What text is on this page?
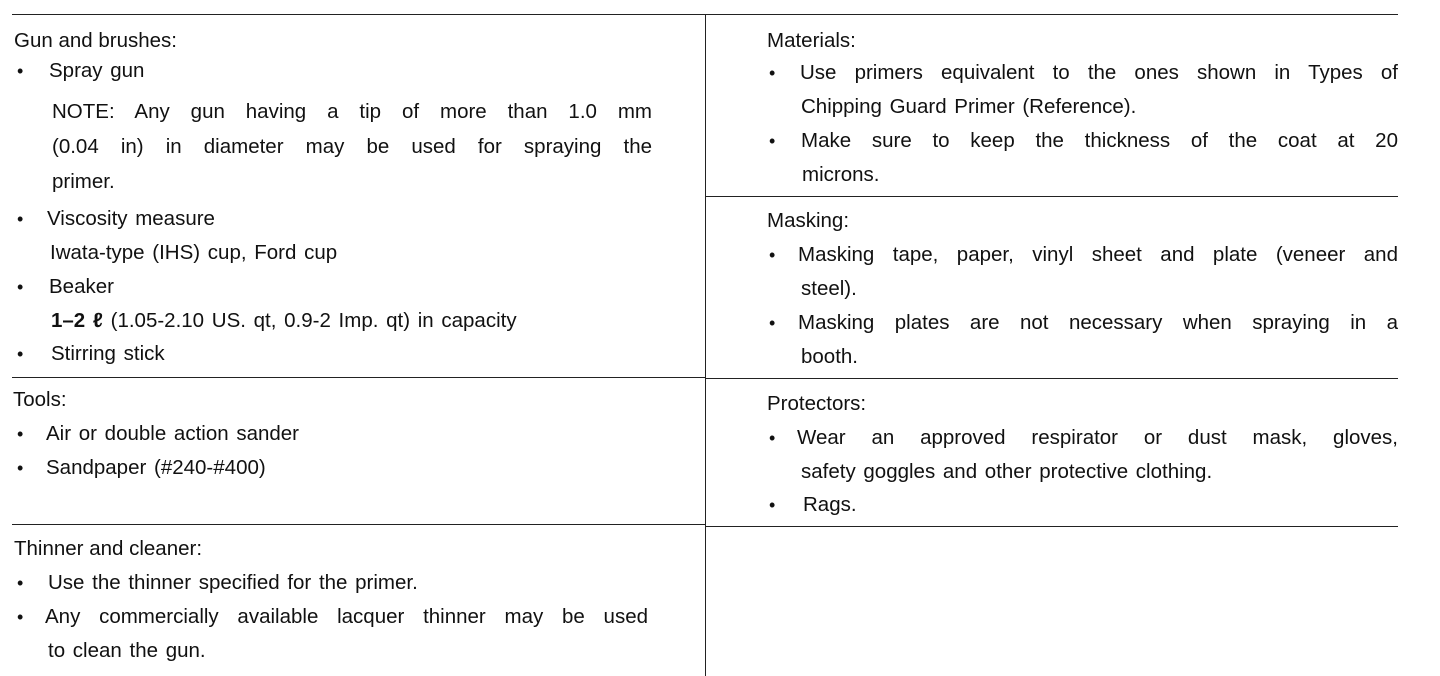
Gun and brushes:
• Spray gun
NOTE: Any gun having a tip of more than 1.0 mm
(0.04 in) in diameter may be used for spraying the
primer.
• Viscosity measure
Iwata-type (IHS) cup, Ford cup
• Beaker
1–2 ℓ (1.05-2.10 US. qt, 0.9-2 Imp. qt) in capacity
• Stirring stick
Tools:
• Air or double action sander
• Sandpaper (#240-#400)
Thinner and cleaner:
• Use the thinner specified for the primer.
• Any commercially available lacquer thinner may be used
to clean the gun.
Materials:
• Use primers equivalent to the ones shown in Types of
Chipping Guard Primer (Reference).
• Make sure to keep the thickness of the coat at 20
microns.
Masking:
• Masking tape, paper, vinyl sheet and plate (veneer and
steel).
• Masking plates are not necessary when spraying in a
booth.
Protectors:
• Wear an approved respirator or dust mask, gloves,
safety goggles and other protective clothing.
• Rags.
